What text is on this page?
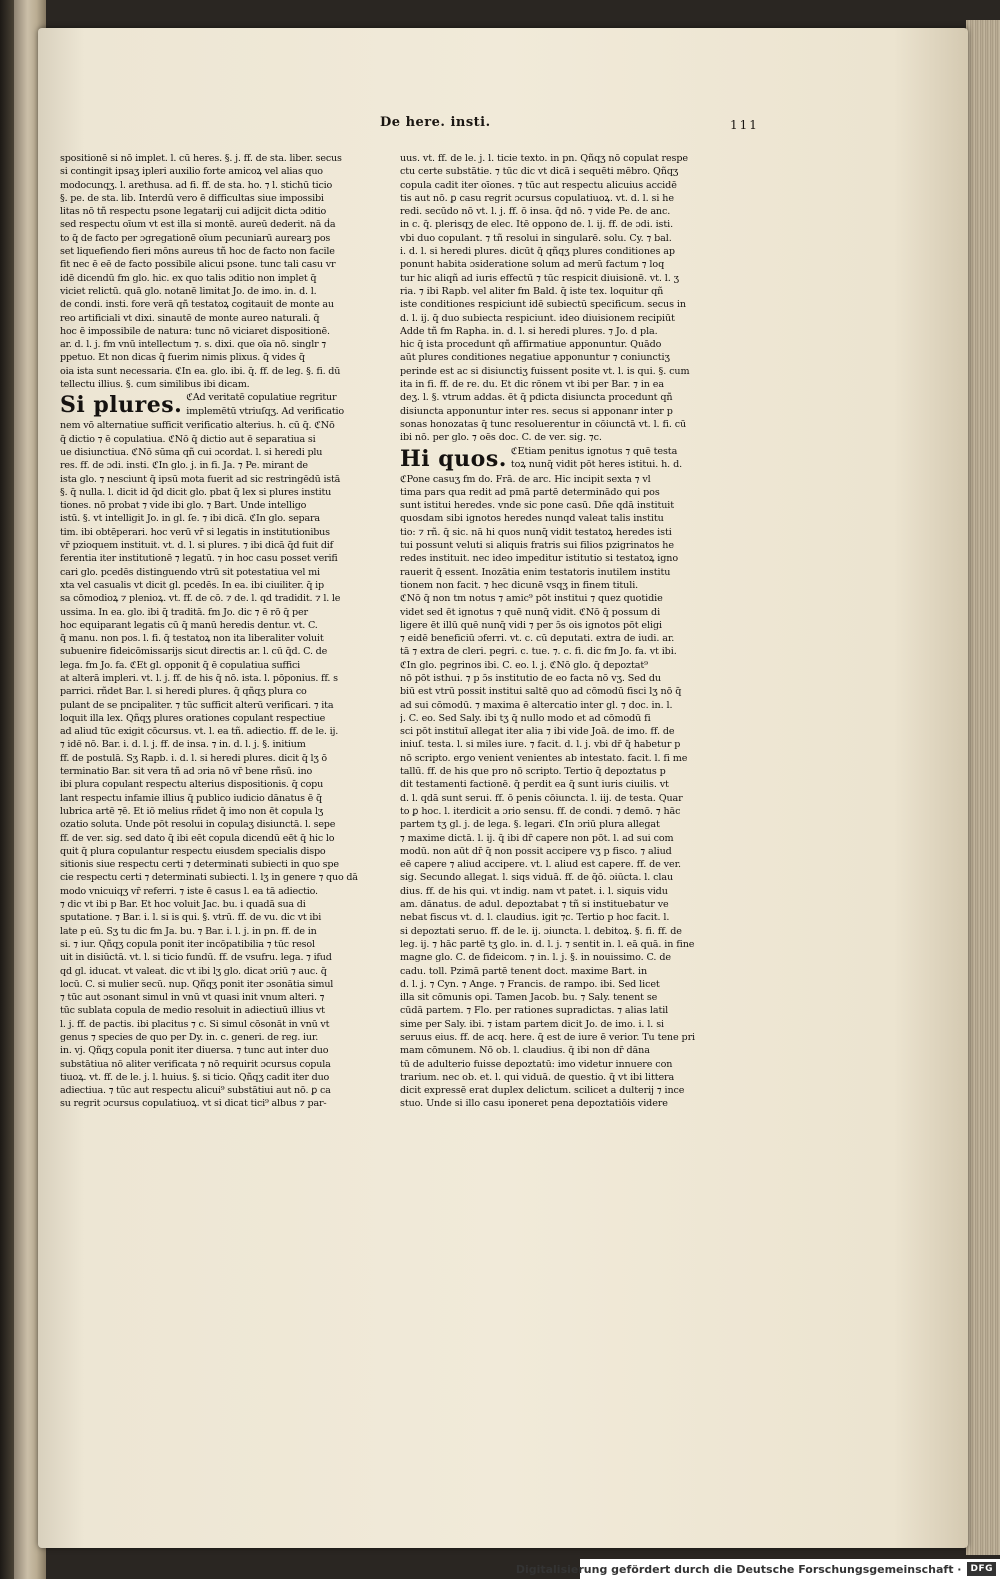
De here. insti.	111
spositionē si nō implet. l. cū heres. §. j. ff. de sta. liber. secus
si contingit ipsaʒ ipleri auxilio forte amicoꝝ vel alias quo
modocunqʒ. l. arethusa. ad fi. ff. de sta. ho. ⁊ l. stichū ticio
§. pe. de sta. lib. Interdū vero ē difficultas siue impossibi
litas nō tñ respectu psone legatarij cui adijcit dicta ɔditio
sed respectu oīum vt est illa si montē. aureū dederit. nā ḋa
to q̄ de facto per ɔgregationē oīum pecuniarū aurearꝫ pos
set liquefiendo fieri mōns aureus tñ hoc de facto non facile
fit nec ē eē de facto possibile alicui psone. tunc tali casu vr
idē dicendū fm glo. hic. ex quo talis ɔditio non implet q̄
viciet relictū. quā glo. notanē limitat Jo. de imo. in. d. l.
de condi. insti. fore verā qñ testatoꝝ cogitauit de monte au
reo artificiali vt dixi. sinautē de monte aureo naturali. q̄
hoc ē impossibile de natura: tunc nō viciaret dispositionē.
ar. d. l. j. fm vnū intellectum ⁊. s. dixi. que oīa nō. singlr ⁊
ppetuo. Et non dicas q̄ fuerim nimis plixus. q̄ vides q̄
oia ista sunt necessaria. ℭIn ea. glo. ibi. q̄. ff. de leg. §. fi. dū
tellectu illius. §. cum similibus ibi dicam.
Si plures. ℭAd veritatē copulatiue regritur
implemētū vtriuſqʒ. Ad verificatio
nem vō alternatiue sufficit verificatio alterius. h. cū q̄. ℭNō
q̄ dictio ⁊ ē copulatiua. ℭNō q̄ dictio aut ē separatiua si
ue disiunctiua. ℭNō sūma qñ cui ɔcordat. l. si heredi plu
res. ff. de ɔdi. insti. ℭIn glo. j. in fi. Ja. ⁊ Pe. mirant de
ista glo. ⁊ nesciunt q̄ ipsū mota fuerit ad sic restringēdū istā
§. q̄ nulla. l. dicit id q̄d dicit glo. pbat q̄ lex si plures institu
tiones. nō probat ⁊ vide ibi glo. ⁊ Bart. Unde intelligo
istū. §. vt intelligit Jo. in gl. ſe. ⁊ ibi dicā. ℭIn glo. separa
tim. ibi obtēperari. hoc verū vr̄ si legatis in institutionibus
vr̄ pzioquem instituit. vt. d. l. si plures. ⁊ ibi dicā q̄d fuit dif
ferentia iter institutionē ⁊ legatū. ⁊ in hoc casu posset verifi
cari glo. pcedēs distinguendo vtrū sit potestatiua vel mi
xta vel casualis vt dicit gl. pcedēs. In ea. ibi ciuiliter. q̄ ip
sa cōmodioꝝ ⁊ plenioꝝ. vt. ff. de cō. ⁊ de. l. qd tradidit. ⁊ l. le
ussima. In ea. glo. ibi q̄ traditā. fm Jo. dic ⁊ ē rō q̄ per
hoc equiparant legatis cū q̄ manū heredis dentur. vt. C.
q̄ manu. non pos. l. fi. q̄ testatoꝝ non ita liberaliter voluit
subuenire fideicōmissarijs sicut directis ar. l. cū q̄d. C. de
lega. fm Jo. fa. ℭEt gl. opponit q̄ ē copulatiua suffici
at alterā impleri. vt. l. j. ff. de his q̄ nō. ista. l. pōponius. ff. s
parrici. rñdet Bar. l. si heredi plures. q̄ qñqʒ plura co
pulant de se pncipaliter. ⁊ tūc sufficit alterū verificari. ⁊ ita
loquit illa lex. Qñqʒ plures orationes copulant respectiue
ad aliud tūc exigit cōcursus. vt. l. ea tñ. adiectio. ff. de le. ij.
⁊ idē nō. Bar. i. d. l. j. ff. de insa. ⁊ in. d. l. j. §. initium
ff. de postulā. Sʒ Rapb. i. d. l. si heredi plures. dicit q̄ lʒ ō
terminatio Bar. sit vera tñ ad ɔria nō vr̄ bene rñsū. ino
ibi plura copulant respectu alterius dispositionis. q̄ copu
lant respectu infamie illius q̄ publico iudicio dānatus ē q̄
lubrica artē ⁊ē. Et iō melius rñdet q̄ imo non ēt copula lʒ
ozatio soluta. Unde pōt resolui in copulaʒ disiunctā. l. sepe
ff. de ver. sig. sed dato q̄ ibi eēt copula dicendū eēt q̄ hic lo
quit q̄ plura copulantur respectu eiusdem specialis dispo
sitionis siue respectu certi ⁊ determinati subiecti in quo spe
cie respectu certi ⁊ determinati subiecti. l. lʒ in genere ⁊ quo dā
modo vnicuiqʒ vr̄ referri. ⁊ iste ē casus l. ea tā adiectio.
⁊ dic vt ibi p Bar. Et hoc voluit Jac. bu. i quadā sua di
sputatione. ⁊ Bar. i. l. si is qui. §. vtrū. ff. de vu. dic vt ibi
late p eū. Sʒ tu dic fm Ja. bu. ⁊ Bar. i. l. j. in pn. ff. de in
si. ⁊ iur. Qñqʒ copula ponit iter incōpatibilia ⁊ tūc resol
uit in disiūctā. vt. l. si ticio fundū. ff. de vsufru. lega. ⁊ ifud
qd gl. iducat. vt valeat. dic vt ibi lʒ glo. dicat ɔriū ⁊ auc. q̄
locū. C. si mulier secū. nup. Qñqʒ ponit iter ɔsonātia simul
⁊ tūc aut ɔsonant simul in vnū vt quasi init vnum alteri. ⁊
tūc sublata copula de medio resoluit in adiectiuū illius vt
l. j. ff. de pactis. ibi placitus ⁊ c. Si simul cōsonāt in vnū vt
genus ⁊ species de quo per Dy. in. c. generi. de reg. iur.
in. vj. Qñqʒ copula ponit iter diuersa. ⁊ tunc aut inter duo
substātiua nō aliter verificata ⁊ nō requirit ɔcursus copula
tiuoꝝ. vt. ff. de le. j. l. huius. §. si ticio. Qñqʒ cadit iter duo
adiectiua. ⁊ tūc aut respectu alicui⁹ substātiui aut nō. ꝑ ca
su regrit ɔcursus copulatiuoꝝ. vt si dicat tici⁹ albus ⁊ par-
uus. vt. ff. de le. j. l. ticie texto. in pn. Qñqʒ nō copulat respe
ctu certe substātie. ⁊ tūc dic vt dicā i sequēti mēbro. Qñqʒ
copula cadit iter oīones. ⁊ tūc aut respectu alicuius accidē
tis aut nō. ꝑ casu regrit ɔcursus copulatiuoꝝ. vt. d. l. si he
redi. secūdo nō vt. l. j. ff. ō insa. q̄d nō. ⁊ vide Pe. de anc.
in c. q̄. plerisqʒ de elec. Itē oppono de. l. ij. ff. de ɔdi. isti.
vbi duo copulant. ⁊ tñ resolui in singularē. solu. Cy. ⁊ bal.
i. d. l. si heredi plures. dicūt q̄ qñqʒ plures conditiones ap
ponunt habita ɔsideratione solum ad merū factum ⁊ loq
tur hic aliqñ ad iuris effectū ⁊ tūc respicit diuisionē. vt. l. ʒ
ria. ⁊ ibi Rapb. vel aliter fm Bald. q̄ iste tex. loquitur qñ
iste conditiones respiciunt idē subiectū specificum. secus in
d. l. ij. q̄ duo subiecta respiciunt. ideo diuisionem recipiūt
Adde tñ fm Rapha. in. d. l. si heredi plures. ⁊ Jo. d pla.
hic q̄ ista procedunt qñ affirmatiue apponuntur. Quādo
aūt plures conditiones negatiue apponuntur ⁊ coniunctiʒ
perinde est ac si disiunctiʒ fuissent posite vt. l. is qui. §. cum
ita in fi. ff. de re. du. Et dic rōnem vt ibi per Bar. ⁊ in ea
deʒ. l. §. vtrum addas. ēt q̄ pdicta disiuncta procedunt qñ
disiuncta apponuntur inter res. secus si apponanr inter p
sonas honozatas q̄ tunc resoluerentur in cōiunctā vt. l. fi. cū
ibi nō. per glo. ⁊ oēs doc. C. de ver. sig. ⁊c.
Hi quos. ℭEtiam penitus ignotus ⁊ quē testa
toꝝ nunq̄ vidit pōt heres istitui. h. d.
ℭPone casuʒ fm do. Frā. de arc. Hic incipit sexta ⁊ vl
tima pars qua redit ad pmā partē determinādo qui pos
sunt istitui heredes. vnde sic pone casū. Dñe qdā instituit
quosdam sibi ignotos heredes nunqd valeat talis institu
tio: ⁊ rñ. q̄ sic. nā hi quos nunq̄ vidit testatoꝝ heredes isti
tui possunt veluti si aliquis fratris sui filios pzigrinatos he
redes instituit. nec ideo impeditur istitutio si testatoꝝ igno
rauerit q̄ essent. Inozātia enim testatoris inutilem institu
tionem non facit. ⁊ hec dicunē vsqʒ in finem tituli.
ℭNō q̄ non tm notus ⁊ amic⁹ pōt institui ⁊ quez quotidie
videt sed ēt ignotus ⁊ quē nunq̄ vidit. ℭNō q̄ possum di
ligere ēt illū quē nunq̄ vidi ⁊ per ɔ̄s ois ignotos pōt eligi
⁊ eidē beneficiū ɔferri. vt. c. cū deputati. extra de iudi. ar.
tā ⁊ extra de cleri. pegri. c. tue. ⁊. c. fi. dic fm Jo. fa. vt ibi.
ℭIn glo. pegrinos ibi. C. eo. l. j. ℭNō glo. q̄ depoztat⁹
nō pōt isthui. ⁊ p ɔ̄s institutio de eo facta nō vʒ. Sed du
biū est vtrū possit institui saltē quo ad cōmodū fisci lʒ nō q̄
ad sui cōmodū. ⁊ maxima ē altercatio inter gl. ⁊ doc. in. l.
j. C. eo. Sed Saly. ibi tʒ q̄ nullo modo et ad cōmodū fi
sci pōt instituī allegat iter alia ⁊ ibi vide Joā. de imo. ff. de
iniuſ. testa. l. si miles iure. ⁊ facit. d. l. j. vbi dr̄ q̄ habetur p
nō scripto. ergo venient venientes ab intestato. facit. l. fi me
tallū. ff. de his que pro nō scripto. Tertio q̄ depoztatus p
dit testamenti factionē. q̄ perdit ea q̄ sunt iuris ciuilis. vt
d. l. qdā sunt serui. ff. ō penis cōiuncta. l. iij. de testa. Quar
to ꝑ hoc. l. iterdicit a ɔrio sensu. ff. de condi. ⁊ demō. ⁊ hāc
partem tʒ gl. j. de lega. §. legari. ℭIn ɔriū plura allegat
⁊ maxime dictā. l. ij. q̄ ibi dr̄ capere non pōt. l. ad sui com
modū. non aūt dr̄ q̄ non possit accipere vʒ p fisco. ⁊ aliud
eē capere ⁊ aliud accipere. vt. l. aliud est capere. ff. de ver.
sig. Secundo allegat. l. siqs viduā. ff. de q̄ō. ɔiūcta. l. clau
dius. ff. de his qui. vt indig. nam vt patet. i. l. siquis vidu
am. dānatus. de adul. depoztabat ⁊ tñ si instituebatur ve
nebat fiscus vt. d. l. claudius. igit ⁊c. Tertio p hoc facit. l.
si depoztati seruo. ff. de le. ij. ɔiuncta. l. debitoꝝ. §. fi. ff. de
leg. ij. ⁊ hāc partē tʒ glo. in. d. l. j. ⁊ sentit in. l. eā quā. in fine
magne glo. C. de fideicom. ⁊ in. l. j. §. in nouissimo. C. de
cadu. toll. Pzimā partē tenent doct. maxime Bart. in
d. l. j. ⁊ Cyn. ⁊ Ange. ⁊ Francis. de rampo. ibi. Sed licet
illa sit cōmunis opi. Tamen Jacob. bu. ⁊ Saly. tenent se
cūdā partem. ⁊ Flo. per rationes supradictas. ⁊ alias latil
sime per Saly. ibi. ⁊ istam partem dicit Jo. de imo. i. l. si
seruus eius. ff. de acq. here. q̄ est de iure ē verior. Tu tene pri
mam cōmunem. Nō ob. l. claudius. q̄ ibi non dr̄ dāna
tū de adulterio fuisse depoztatū: imo videtur innuere con
trarium. nec ob. et. l. qui viduā. de questio. q̄ vt ibi littera
dicit expressē erat duplex delictum. scilicet a dulterij ⁊ ince
stuo. Unde si illo casu iponeret pena depoztatiōis videre
Digitalisierung gefördert durch die Deutsche Forschungsgemeinschaft ·	DFG
